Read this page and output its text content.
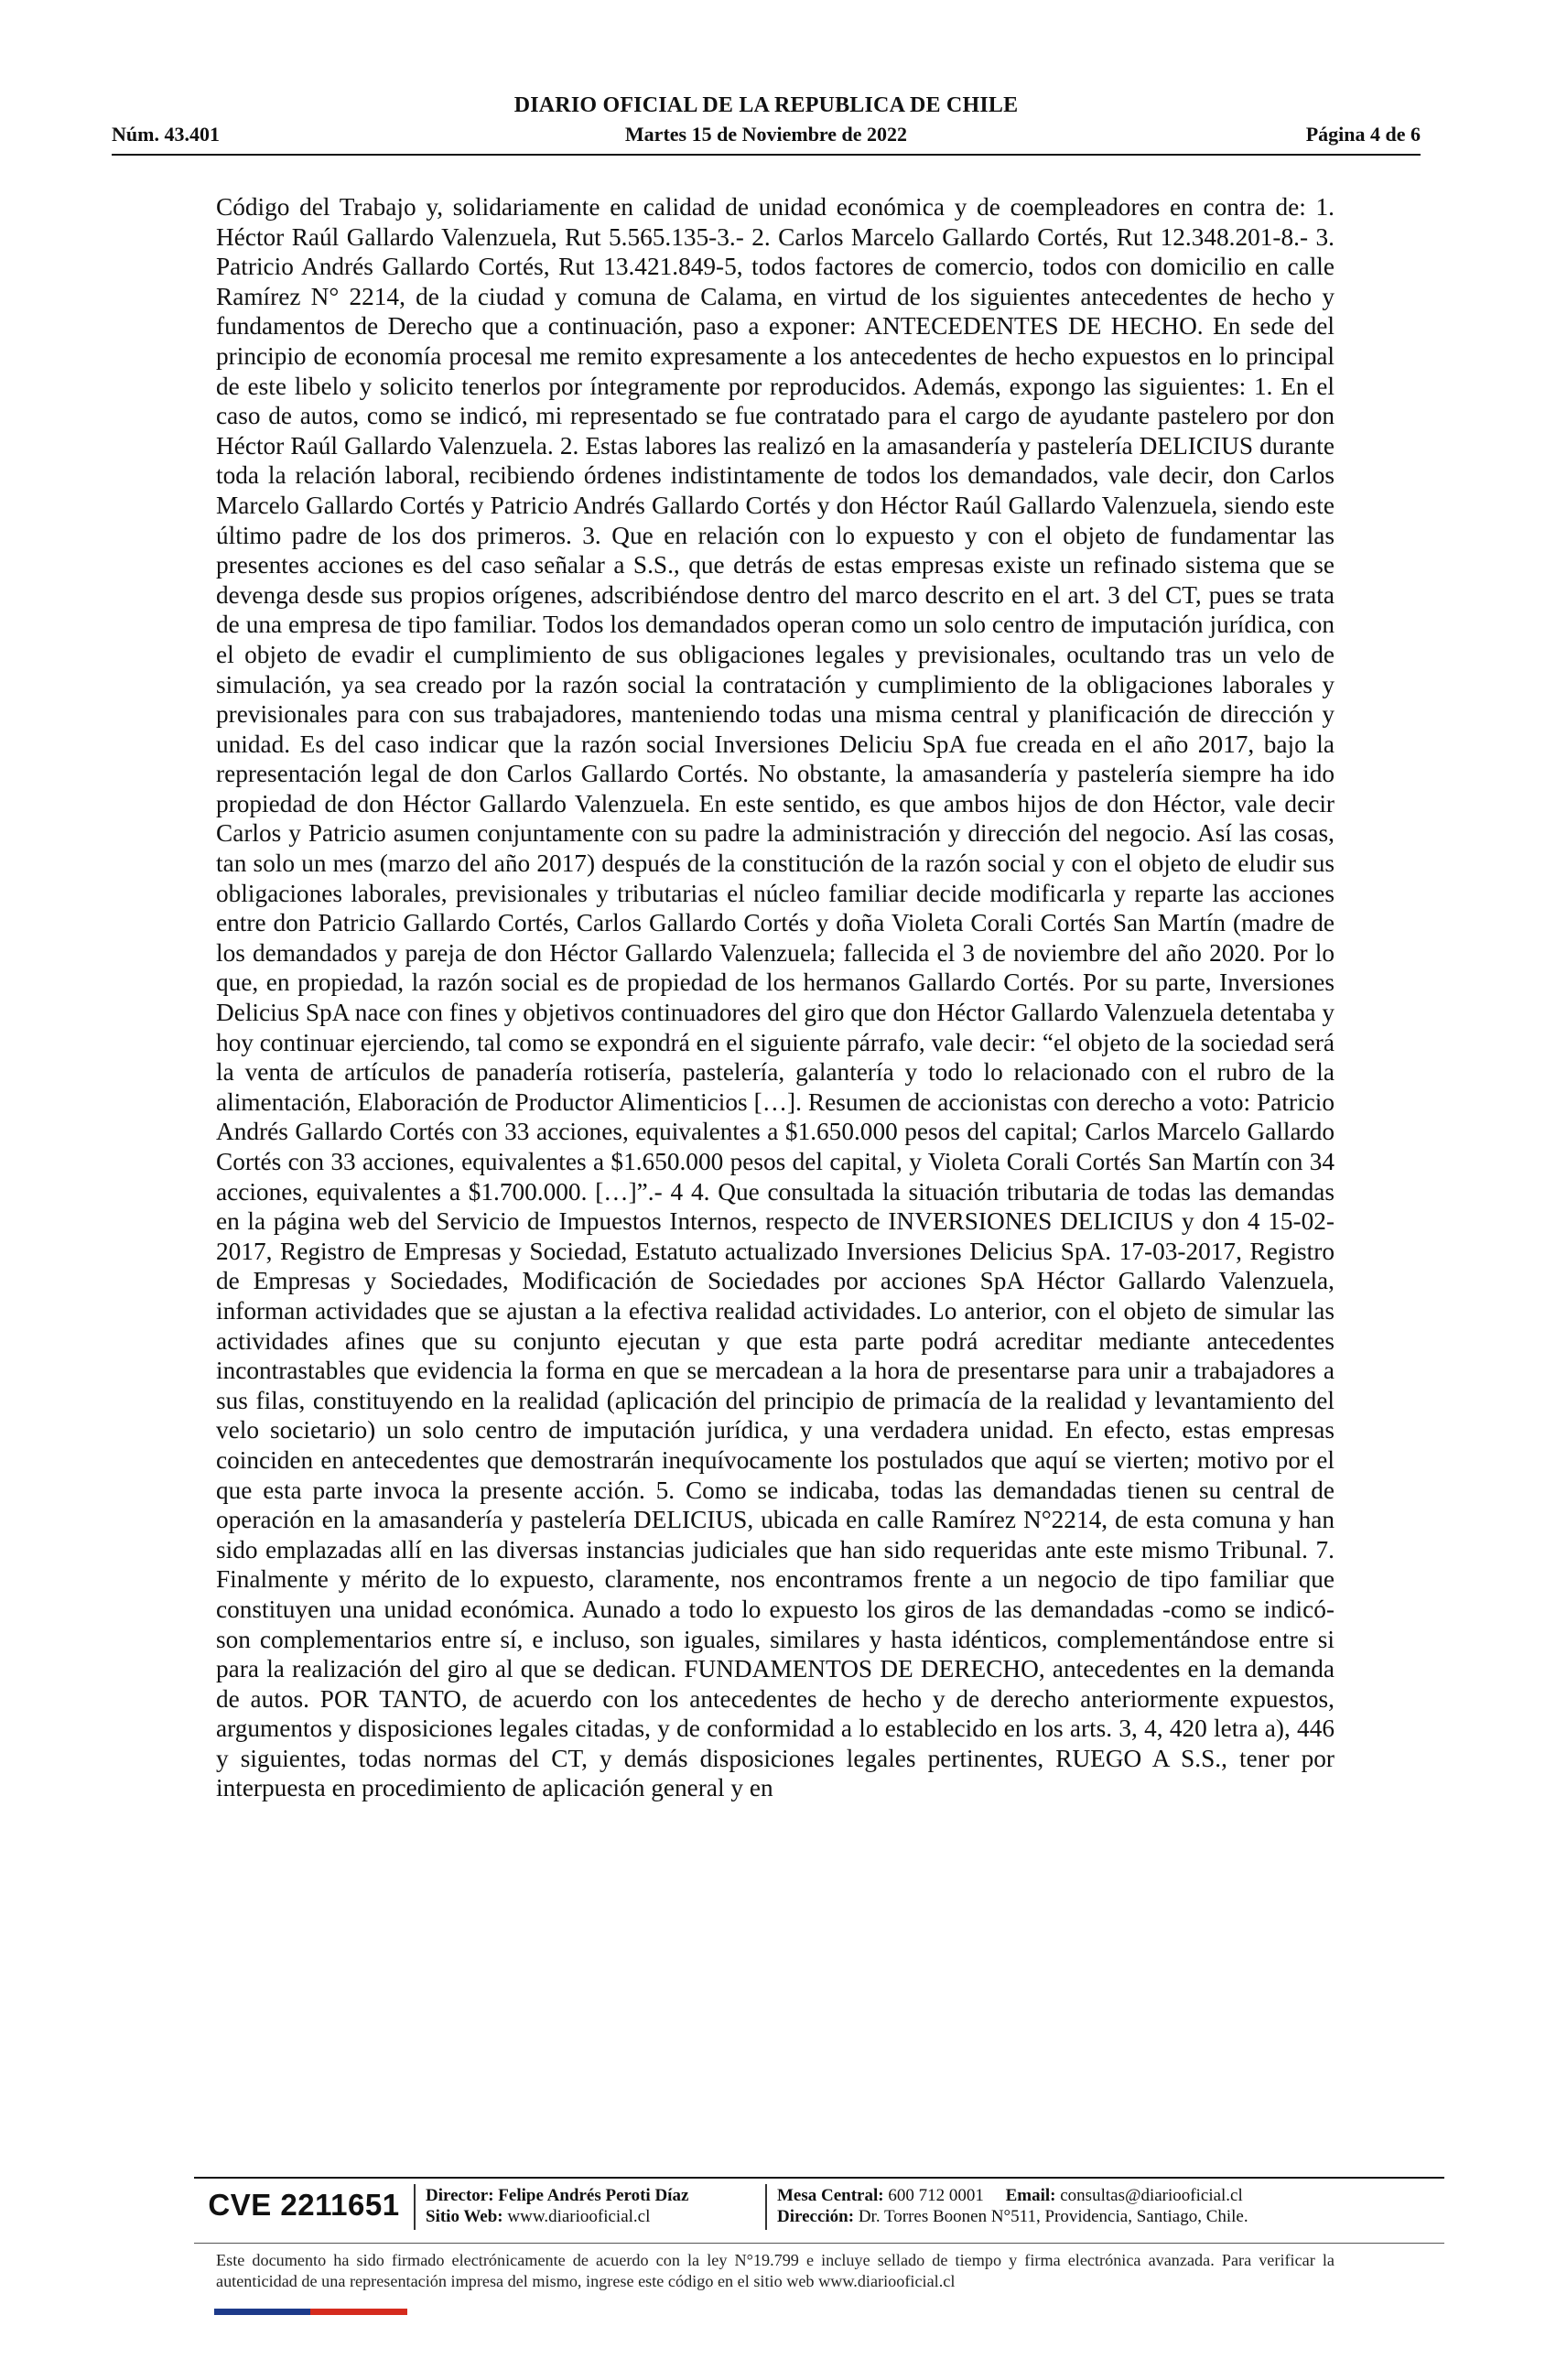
DIARIO OFICIAL DE LA REPUBLICA DE CHILE
Núm. 43.401	Martes 15 de Noviembre de 2022	Página 4 de 6
Código del Trabajo y, solidariamente en calidad de unidad económica y de coempleadores en contra de: 1. Héctor Raúl Gallardo Valenzuela, Rut 5.565.135-3.- 2. Carlos Marcelo Gallardo Cortés, Rut 12.348.201-8.- 3. Patricio Andrés Gallardo Cortés, Rut 13.421.849-5, todos factores de comercio, todos con domicilio en calle Ramírez N° 2214, de la ciudad y comuna de Calama, en virtud de los siguientes antecedentes de hecho y fundamentos de Derecho que a continuación, paso a exponer: ANTECEDENTES DE HECHO. En sede del principio de economía procesal me remito expresamente a los antecedentes de hecho expuestos en lo principal de este libelo y solicito tenerlos por íntegramente por reproducidos. Además, expongo las siguientes: 1. En el caso de autos, como se indicó, mi representado se fue contratado para el cargo de ayudante pastelero por don Héctor Raúl Gallardo Valenzuela. 2. Estas labores las realizó en la amasandería y pastelería DELICIUS durante toda la relación laboral, recibiendo órdenes indistintamente de todos los demandados, vale decir, don Carlos Marcelo Gallardo Cortés y Patricio Andrés Gallardo Cortés y don Héctor Raúl Gallardo Valenzuela, siendo este último padre de los dos primeros. 3. Que en relación con lo expuesto y con el objeto de fundamentar las presentes acciones es del caso señalar a S.S., que detrás de estas empresas existe un refinado sistema que se devenga desde sus propios orígenes, adscribiéndose dentro del marco descrito en el art. 3 del CT, pues se trata de una empresa de tipo familiar. Todos los demandados operan como un solo centro de imputación jurídica, con el objeto de evadir el cumplimiento de sus obligaciones legales y previsionales, ocultando tras un velo de simulación, ya sea creado por la razón social la contratación y cumplimiento de la obligaciones laborales y previsionales para con sus trabajadores, manteniendo todas una misma central y planificación de dirección y unidad. Es del caso indicar que la razón social Inversiones Deliciu SpA fue creada en el año 2017, bajo la representación legal de don Carlos Gallardo Cortés. No obstante, la amasandería y pastelería siempre ha ido propiedad de don Héctor Gallardo Valenzuela. En este sentido, es que ambos hijos de don Héctor, vale decir Carlos y Patricio asumen conjuntamente con su padre la administración y dirección del negocio. Así las cosas, tan solo un mes (marzo del año 2017) después de la constitución de la razón social y con el objeto de eludir sus obligaciones laborales, previsionales y tributarias el núcleo familiar decide modificarla y reparte las acciones entre don Patricio Gallardo Cortés, Carlos Gallardo Cortés y doña Violeta Corali Cortés San Martín (madre de los demandados y pareja de don Héctor Gallardo Valenzuela; fallecida el 3 de noviembre del año 2020. Por lo que, en propiedad, la razón social es de propiedad de los hermanos Gallardo Cortés. Por su parte, Inversiones Delicius SpA nace con fines y objetivos continuadores del giro que don Héctor Gallardo Valenzuela detentaba y hoy continuar ejerciendo, tal como se expondrá en el siguiente párrafo, vale decir: “el objeto de la sociedad será la venta de artículos de panadería rotisería, pastelería, galantería y todo lo relacionado con el rubro de la alimentación, Elaboración de Productor Alimenticios […]. Resumen de accionistas con derecho a voto: Patricio Andrés Gallardo Cortés con 33 acciones, equivalentes a $1.650.000 pesos del capital; Carlos Marcelo Gallardo Cortés con 33 acciones, equivalentes a $1.650.000 pesos del capital, y Violeta Corali Cortés San Martín con 34 acciones, equivalentes a $1.700.000. […]”.- 4 4. Que consultada la situación tributaria de todas las demandas en la página web del Servicio de Impuestos Internos, respecto de INVERSIONES DELICIUS y don 4 15-02-2017, Registro de Empresas y Sociedad, Estatuto actualizado Inversiones Delicius SpA. 17-03-2017, Registro de Empresas y Sociedades, Modificación de Sociedades por acciones SpA Héctor Gallardo Valenzuela, informan actividades que se ajustan a la efectiva realidad actividades. Lo anterior, con el objeto de simular las actividades afines que su conjunto ejecutan y que esta parte podrá acreditar mediante antecedentes incontrastables que evidencia la forma en que se mercadean a la hora de presentarse para unir a trabajadores a sus filas, constituyendo en la realidad (aplicación del principio de primacía de la realidad y levantamiento del velo societario) un solo centro de imputación jurídica, y una verdadera unidad. En efecto, estas empresas coinciden en antecedentes que demostrarán inequívocamente los postulados que aquí se vierten; motivo por el que esta parte invoca la presente acción. 5. Como se indicaba, todas las demandadas tienen su central de operación en la amasandería y pastelería DELICIUS, ubicada en calle Ramírez N°2214, de esta comuna y han sido emplazadas allí en las diversas instancias judiciales que han sido requeridas ante este mismo Tribunal. 7. Finalmente y mérito de lo expuesto, claramente, nos encontramos frente a un negocio de tipo familiar que constituyen una unidad económica. Aunado a todo lo expuesto los giros de las demandadas -como se indicó- son complementarios entre sí, e incluso, son iguales, similares y hasta idénticos, complementándose entre si para la realización del giro al que se dedican. FUNDAMENTOS DE DERECHO, antecedentes en la demanda de autos. POR TANTO, de acuerdo con los antecedentes de hecho y de derecho anteriormente expuestos, argumentos y disposiciones legales citadas, y de conformidad a lo establecido en los arts. 3, 4, 420 letra a), 446 y siguientes, todas normas del CT, y demás disposiciones legales pertinentes, RUEGO A S.S., tener por interpuesta en procedimiento de aplicación general y en
CVE 2211651 Director: Felipe Andrés Peroti Díaz
Sitio Web: www.diariooficial.cl
Mesa Central: 600 712 0001 Email: consultas@diariooficial.cl
Dirección: Dr. Torres Boonen N°511, Providencia, Santiago, Chile.
Este documento ha sido firmado electrónicamente de acuerdo con la ley N°19.799 e incluye sellado de tiempo y firma electrónica avanzada. Para verificar la autenticidad de una representación impresa del mismo, ingrese este código en el sitio web www.diariooficial.cl
